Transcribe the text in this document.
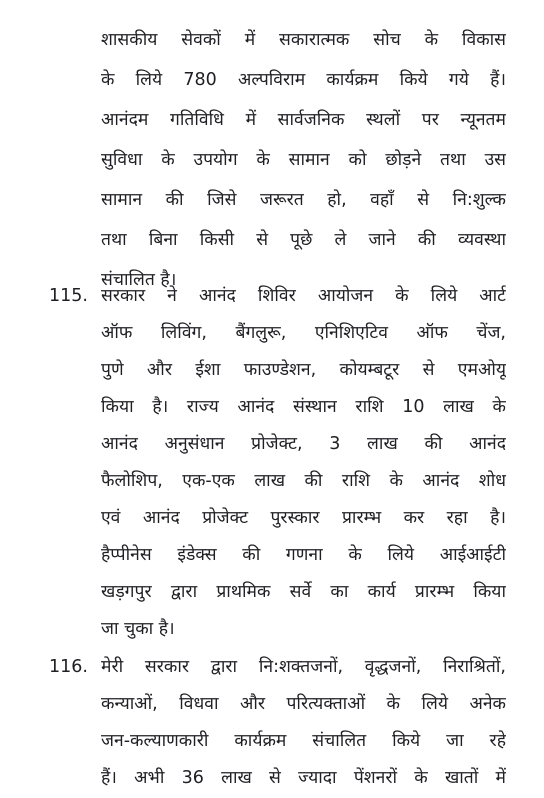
शासकीय सेवकों में सकारात्मक सोच के विकास
के लिये 780 अल्पविराम कार्यक्रम किये गये हैं।
आनंदम गतिविधि में सार्वजनिक स्थलों पर न्यूनतम
सुविधा के उपयोग के सामान को छोड़ने तथा उस
सामान की जिसे जरूरत हो, वहाँ से नि:शुल्क
तथा बिना किसी से पूछे ले जाने की व्यवस्था
संचालित है।
115. सरकार ने आनंद शिविर आयोजन के लिये आर्ट
ऑफ लिविंग, बैंगलुरू, एनिशिएटिव ऑफ चेंज,
पुणे और ईशा फाउण्डेशन, कोयम्बटूर से एमओयू
किया है। राज्य आनंद संस्थान राशि 10 लाख के
आनंद अनुसंधान प्रोजेक्ट, 3 लाख की आनंद
फैलोशिप, एक-एक लाख की राशि के आनंद शोध
एवं आनंद प्रोजेक्ट पुरस्कार प्रारम्भ कर रहा है।
हैप्पीनेस इंडेक्स की गणना के लिये आईआईटी
खड़गपुर द्वारा प्राथमिक सर्वे का कार्य प्रारम्भ किया
जा चुका है।
116. मेरी सरकार द्वारा नि:शक्तजनों, वृद्धजनों, निराश्रितों,
कन्याओं, विधवा और परित्यक्ताओं के लिये अनेक
जन-कल्याणकारी कार्यक्रम संचालित किये जा रहे
हैं। अभी 36 लाख से ज्यादा पेंशनरों के खातों में
